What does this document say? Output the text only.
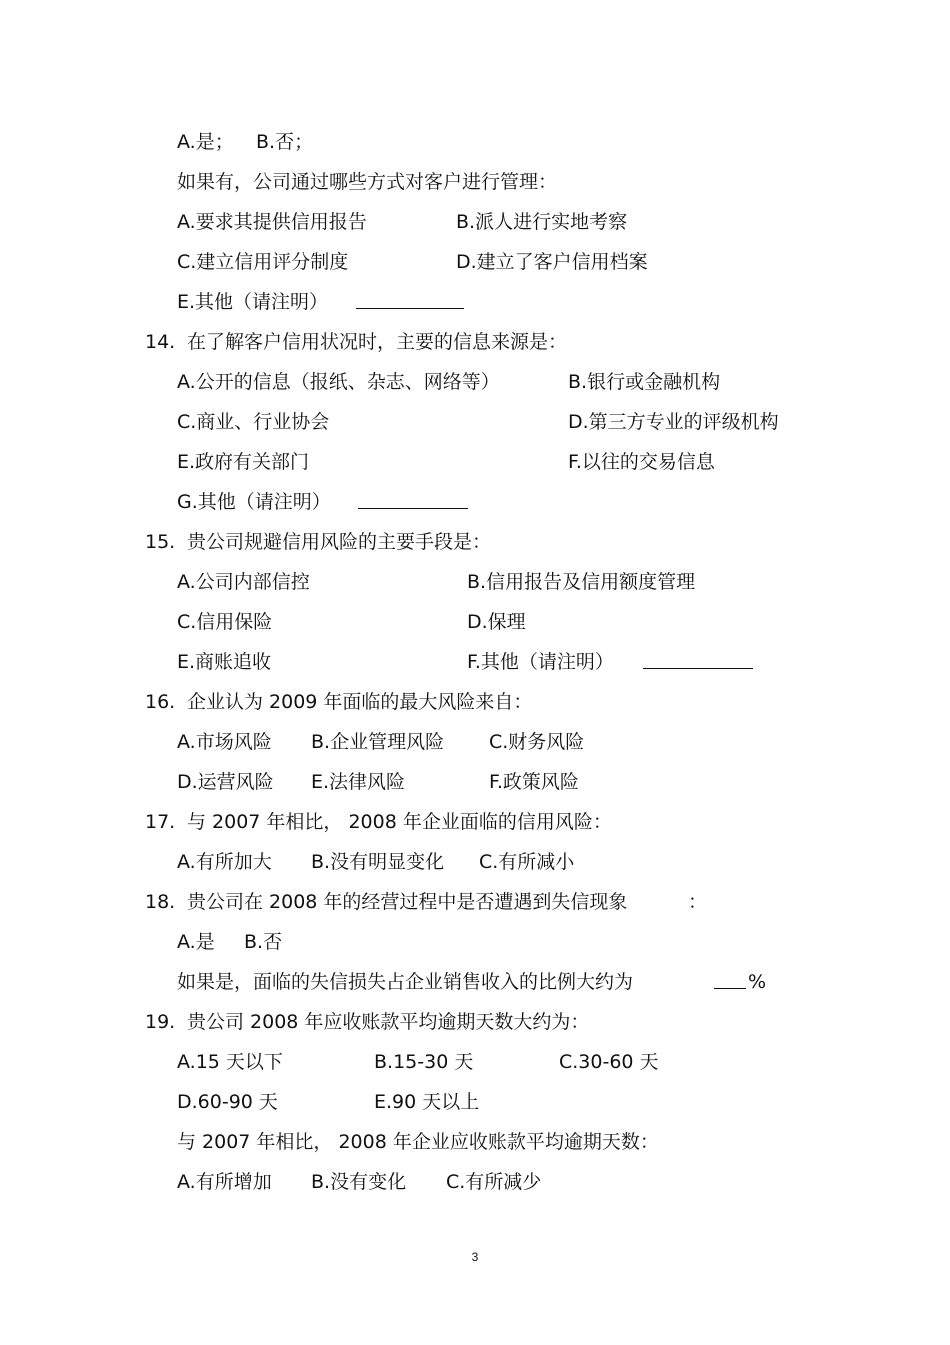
A.是； B.否；
如果有，公司通过哪些方式对客户进行管理：
A.要求其提供信用报告	B.派人进行实地考察
C.建立信用评分制度	D.建立了客户信用档案
E.其他（请注明）
14. 在了解客户信用状况时，主要的信息来源是：
A.公开的信息（报纸、杂志、网络等）	B.银行或金融机构
C.商业、行业协会	D.第三方专业的评级机构
E.政府有关部门	F.以往的交易信息
G.其他（请注明）
15. 贵公司规避信用风险的主要手段是：
A.公司内部信控	B.信用报告及信用额度管理
C.信用保险	D.保理
E.商账追收	F.其他（请注明）
16. 企业认为 2009 年面临的最大风险来自：
A.市场风险 B.企业管理风险 C.财务风险
D.运营风险 E.法律风险	F.政策风险
17. 与 2007 年相比， 2008 年企业面临的信用风险：
A.有所加大 B.没有明显变化 C.有所减小
18. 贵公司在 2008 年的经营过程中是否遭遇到失信现象	：
A.是 B.否
如果是，面临的失信损失占企业销售收入的比例大约为	%
19. 贵公司 2008 年应收账款平均逾期天数大约为：
A.15 天以下	B.15-30 天	C.30-60 天
D.60-90 天	E.90 天以上
与 2007 年相比， 2008 年企业应收账款平均逾期天数：
A.有所增加 B.没有变化 C.有所减少
3
